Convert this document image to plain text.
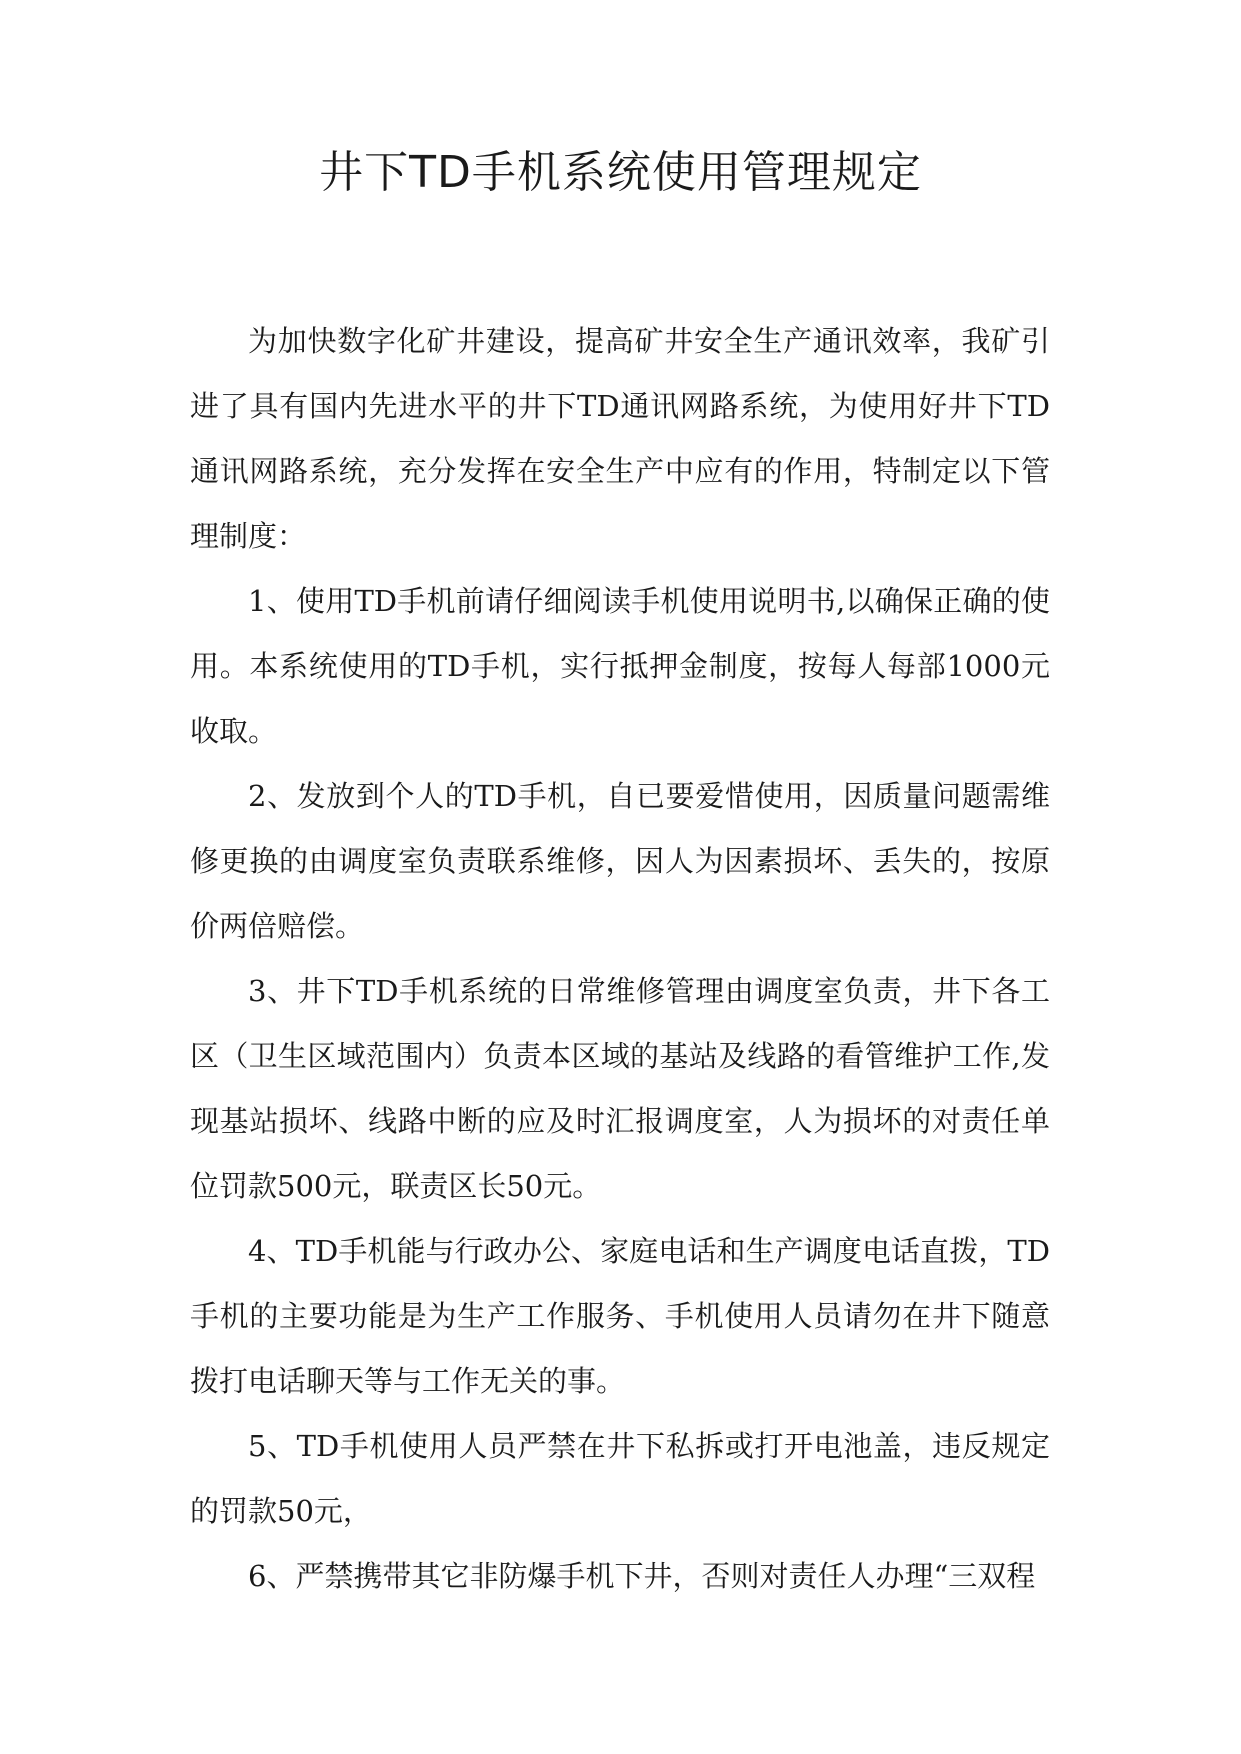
井下TD手机系统使用管理规定

为加快数字化矿井建设，提高矿井安全生产通讯效率，我矿引进了具有国内先进水平的井下TD通讯网路系统，为使用好井下TD通讯网路系统，充分发挥在安全生产中应有的作用，特制定以下管理制度：

1、使用TD手机前请仔细阅读手机使用说明书,以确保正确的使用。本系统使用的TD手机，实行抵押金制度，按每人每部1000元收取。

2、发放到个人的TD手机，自已要爱惜使用，因质量问题需维修更换的由调度室负责联系维修，因人为因素损坏、丢失的，按原价两倍赔偿。

3、井下TD手机系统的日常维修管理由调度室负责，井下各工区（卫生区域范围内）负责本区域的基站及线路的看管维护工作,发现基站损坏、线路中断的应及时汇报调度室，人为损坏的对责任单位罚款500元，联责区长50元。

4、TD手机能与行政办公、家庭电话和生产调度电话直拨，TD手机的主要功能是为生产工作服务、手机使用人员请勿在井下随意拨打电话聊天等与工作无关的事。

5、TD手机使用人员严禁在井下私拆或打开电池盖，违反规定的罚款50元，

6、严禁携带其它非防爆手机下井，否则对责任人办理“三双程
